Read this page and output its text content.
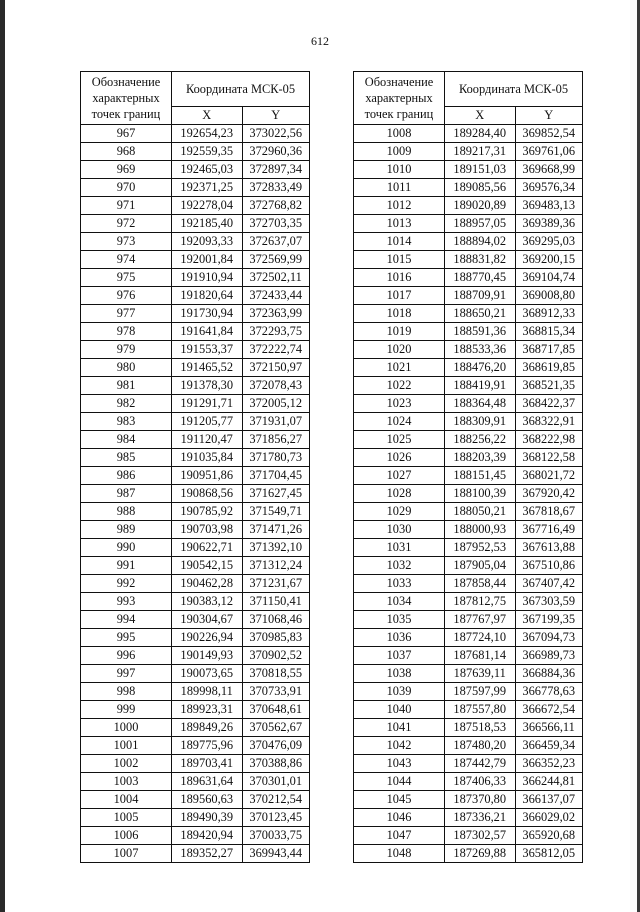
612
Обозначение характерных точек границ	Координата МСК-05	
	X	Y
967	192654,23	373022,56
968	192559,35	372960,36
969	192465,03	372897,34
970	192371,25	372833,49
971	192278,04	372768,82
972	192185,40	372703,35
973	192093,33	372637,07
974	192001,84	372569,99
975	191910,94	372502,11
976	191820,64	372433,44
977	191730,94	372363,99
978	191641,84	372293,75
979	191553,37	372222,74
980	191465,52	372150,97
981	191378,30	372078,43
982	191291,71	372005,12
983	191205,77	371931,07
984	191120,47	371856,27
985	191035,84	371780,73
986	190951,86	371704,45
987	190868,56	371627,45
988	190785,92	371549,71
989	190703,98	371471,26
990	190622,71	371392,10
991	190542,15	371312,24
992	190462,28	371231,67
993	190383,12	371150,41
994	190304,67	371068,46
995	190226,94	370985,83
996	190149,93	370902,52
997	190073,65	370818,55
998	189998,11	370733,91
999	189923,31	370648,61
1000	189849,26	370562,67
1001	189775,96	370476,09
1002	189703,41	370388,86
1003	189631,64	370301,01
1004	189560,63	370212,54
1005	189490,39	370123,45
1006	189420,94	370033,75
1007	189352,27	369943,44
Обозначение характерных точек границ	Координата МСК-05	
	X	Y
1008	189284,40	369852,54
1009	189217,31	369761,06
1010	189151,03	369668,99
1011	189085,56	369576,34
1012	189020,89	369483,13
1013	188957,05	369389,36
1014	188894,02	369295,03
1015	188831,82	369200,15
1016	188770,45	369104,74
1017	188709,91	369008,80
1018	188650,21	368912,33
1019	188591,36	368815,34
1020	188533,36	368717,85
1021	188476,20	368619,85
1022	188419,91	368521,35
1023	188364,48	368422,37
1024	188309,91	368322,91
1025	188256,22	368222,98
1026	188203,39	368122,58
1027	188151,45	368021,72
1028	188100,39	367920,42
1029	188050,21	367818,67
1030	188000,93	367716,49
1031	187952,53	367613,88
1032	187905,04	367510,86
1033	187858,44	367407,42
1034	187812,75	367303,59
1035	187767,97	367199,35
1036	187724,10	367094,73
1037	187681,14	366989,73
1038	187639,11	366884,36
1039	187597,99	366778,63
1040	187557,80	366672,54
1041	187518,53	366566,11
1042	187480,20	366459,34
1043	187442,79	366352,23
1044	187406,33	366244,81
1045	187370,80	366137,07
1046	187336,21	366029,02
1047	187302,57	365920,68
1048	187269,88	365812,05
